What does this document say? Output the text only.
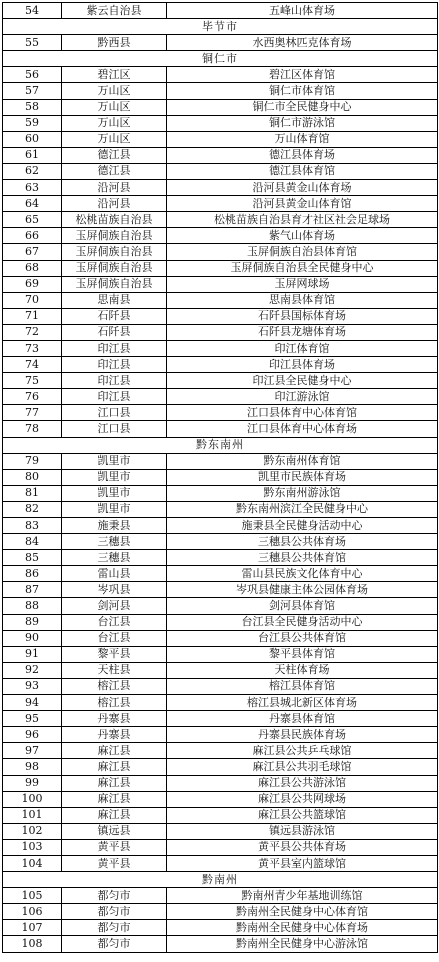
54	紫云自治县	五峰山体育场
毕节市		
55	黔西县	水西奥林匹克体育场
铜仁市		
56	碧江区	碧江区体育馆
57	万山区	铜仁市体育馆
58	万山区	铜仁市全民健身中心
59	万山区	铜仁市游泳馆
60	万山区	万山体育馆
61	德江县	德江县体育场
62	德江县	德江县体育馆
63	沿河县	沿河县黄金山体育场
64	沿河县	沿河县黄金山体育馆
65	松桃苗族自治县	松桃苗族自治县育才社区社会足球场
66	玉屏侗族自治县	紫气山体育场
67	玉屏侗族自治县	玉屏侗族自治县体育馆
68	玉屏侗族自治县	玉屏侗族自治县全民健身中心
69	玉屏侗族自治县	玉屏网球场
70	思南县	思南县体育馆
71	石阡县	石阡县国标体育场
72	石阡县	石阡县龙塘体育场
73	印江县	印江体育馆
74	印江县	印江县体育场
75	印江县	印江县全民健身中心
76	印江县	印江游泳馆
77	江口县	江口县体育中心体育馆
78	江口县	江口县体育中心体育场
黔东南州		
79	凯里市	黔东南州体育馆
80	凯里市	凯里市民族体育场
81	凯里市	黔东南州游泳馆
82	凯里市	黔东南州滨江全民健身中心
83	施秉县	施秉县全民健身活动中心
84	三穗县	三穗县公共体育场
85	三穗县	三穗县公共体育馆
86	雷山县	雷山县民族文化体育中心
87	岑巩县	岑巩县健康主体公园体育场
88	剑河县	剑河县体育馆
89	台江县	台江县全民健身活动中心
90	台江县	台江县公共体育馆
91	黎平县	黎平县体育馆
92	天柱县	天柱体育场
93	榕江县	榕江县体育馆
94	榕江县	榕江县城北新区体育场
95	丹寨县	丹寨县体育馆
96	丹寨县	丹寨县民族体育场
97	麻江县	麻江县公共乒乓球馆
98	麻江县	麻江县公共羽毛球馆
99	麻江县	麻江县公共游泳馆
100	麻江县	麻江县公共网球场
101	麻江县	麻江县公共篮球馆
102	镇远县	镇远县游泳馆
103	黄平县	黄平县公共体育场
104	黄平县	黄平县室内篮球馆
黔南州		
105	都匀市	黔南州青少年基地训练馆
106	都匀市	黔南州全民健身中心体育馆
107	都匀市	黔南州全民健身中心体育场
108	都匀市	黔南州全民健身中心游泳馆
